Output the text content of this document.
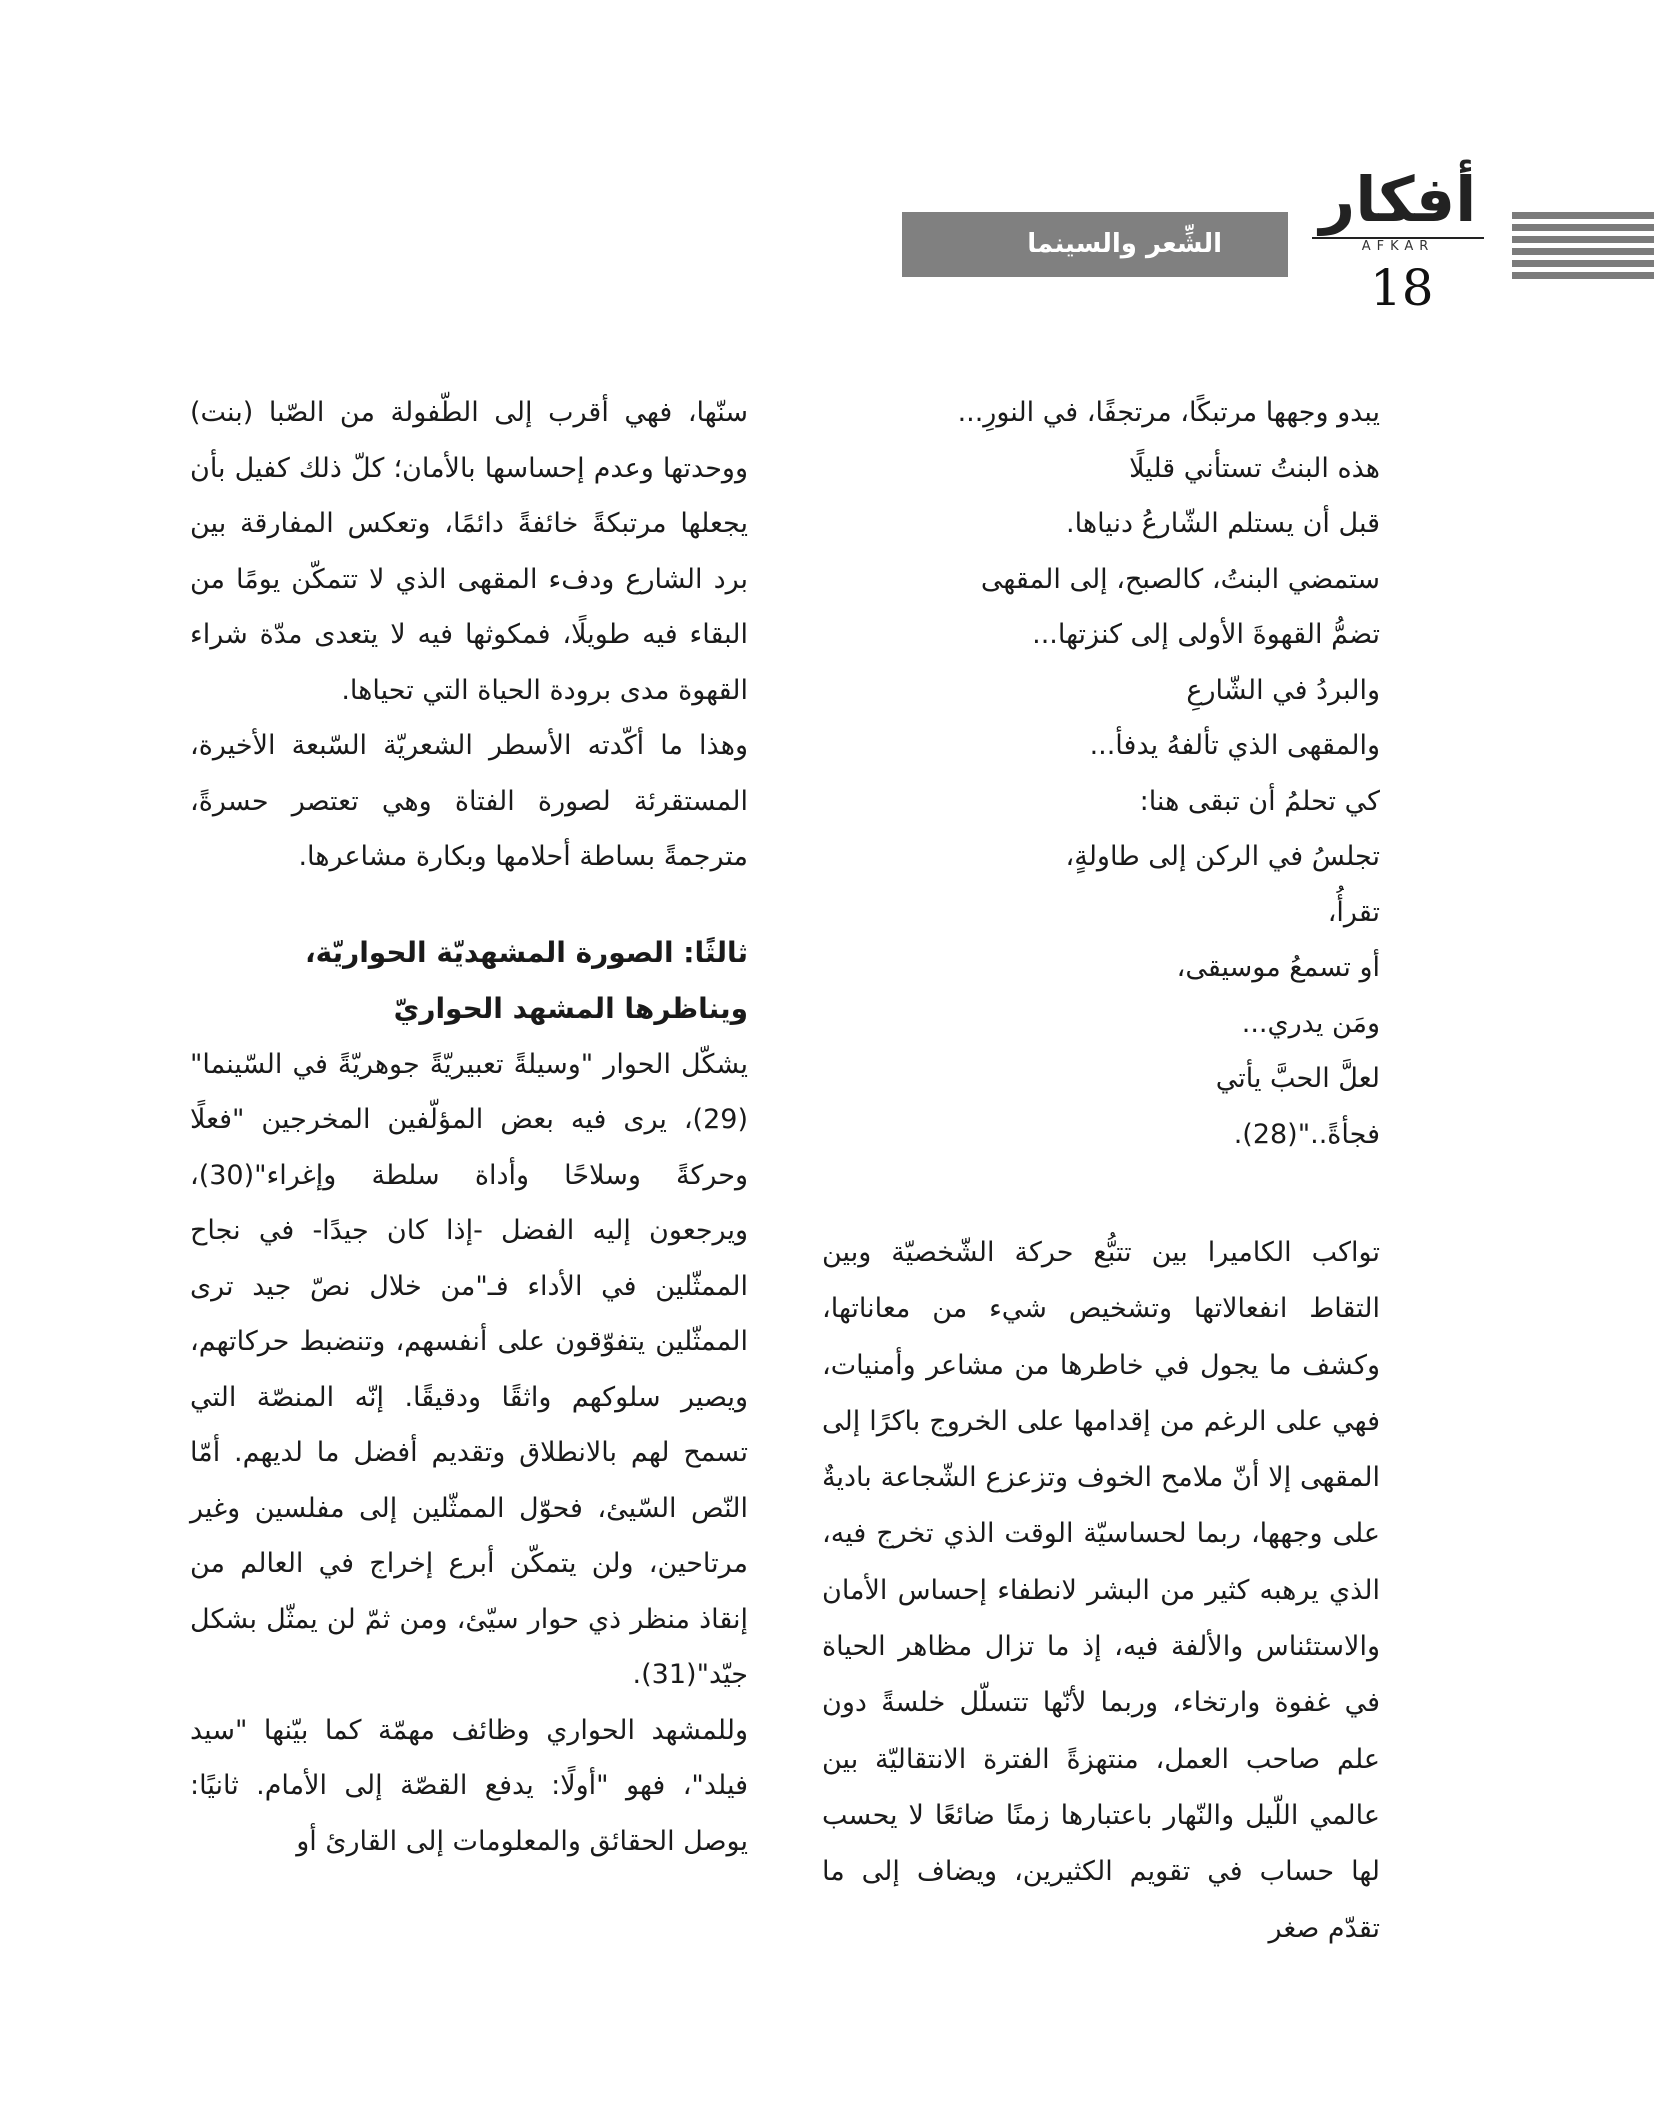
أفكار
AFKAR
الشِّعر والسينما
18
يبدو وجهها مرتبكًا، مرتجفًا، في النورِ...
هذه البنتُ تستأني قليلًا
قبل أن يستلم الشّارعُ دنياها.
ستمضي البنتُ، كالصبح، إلى المقهى
تضمُّ القهوةَ الأولى إلى كنزتها...
والبردُ في الشّارعِ
والمقهى الذي تألفهُ يدفأ...
كي تحلمُ أن تبقى هنا:
تجلسُ في الركن إلى طاولةٍ،
تقرأُ،
أو تسمعُ موسيقى،
ومَن يدري...
لعلَّ الحبَّ يأتي
فجأةً.."(28).

تواكب الكاميرا بين تتبُّع حركة الشّخصيّة وبين التقاط انفعالاتها وتشخيص شيء من معاناتها، وكشف ما يجول في خاطرها من مشاعر وأمنيات، فهي على الرغم من إقدامها على الخروج باكرًا إلى المقهى إلا أنّ ملامح الخوف وتزعزع الشّجاعة باديةٌ على وجهها، ربما لحساسيّة الوقت الذي تخرج فيه، الذي يرهبه كثير من البشر لانطفاء إحساس الأمان والاستئناس والألفة فيه، إذ ما تزال مظاهر الحياة في غفوة وارتخاء، وربما لأنّها تتسلّل خلسةً دون علم صاحب العمل، منتهزةً الفترة الانتقاليّة بين عالمي اللّيل والنّهار باعتبارها زمنًا ضائعًا لا يحسب لها حساب في تقويم الكثيرين، ويضاف إلى ما تقدّم صغر

سنّها، فهي أقرب إلى الطّفولة من الصّبا (بنت) ووحدتها وعدم إحساسها بالأمان؛ كلّ ذلك كفيل بأن يجعلها مرتبكةً خائفةً دائمًا، وتعكس المفارقة بين برد الشارع ودفء المقهى الذي لا تتمكّن يومًا من البقاء فيه طويلًا، فمكوثها فيه لا يتعدى مدّة شراء القهوة مدى برودة الحياة التي تحياها.

وهذا ما أكّدته الأسطر الشعريّة السّبعة الأخيرة، المستقرئة لصورة الفتاة وهي تعتصر حسرةً، مترجمةً بساطة أحلامها وبكارة مشاعرها.

ثالثًا: الصورة المشهديّة الحواريّة، ويناظرها المشهد الحواريّ

يشكّل الحوار "وسيلةً تعبيريّةً جوهريّةً في السّينما"(29)، يرى فيه بعض المؤلّفين المخرجين "فعلًا وحركةً وسلاحًا وأداة سلطة وإغراء"(30)، ويرجعون إليه الفضل -إذا كان جيدًا- في نجاح الممثّلين في الأداء فـ"من خلال نصّ جيد ترى الممثّلين يتفوّقون على أنفسهم، وتنضبط حركاتهم، ويصير سلوكهم واثقًا ودقيقًا. إنّه المنصّة التي تسمح لهم بالانطلاق وتقديم أفضل ما لديهم. أمّا النّص السّيئ، فحوّل الممثّلين إلى مفلسين وغير مرتاحين، ولن يتمكّن أبرع إخراج في العالم من إنقاذ منظر ذي حوار سيّئ، ومن ثمّ لن يمثّل بشكل جيّد"(31).

وللمشهد الحواري وظائف مهمّة كما بيّنها "سيد فيلد"، فهو "أولًا: يدفع القصّة إلى الأمام. ثانيًا: يوصل الحقائق والمعلومات إلى القارئ أو
